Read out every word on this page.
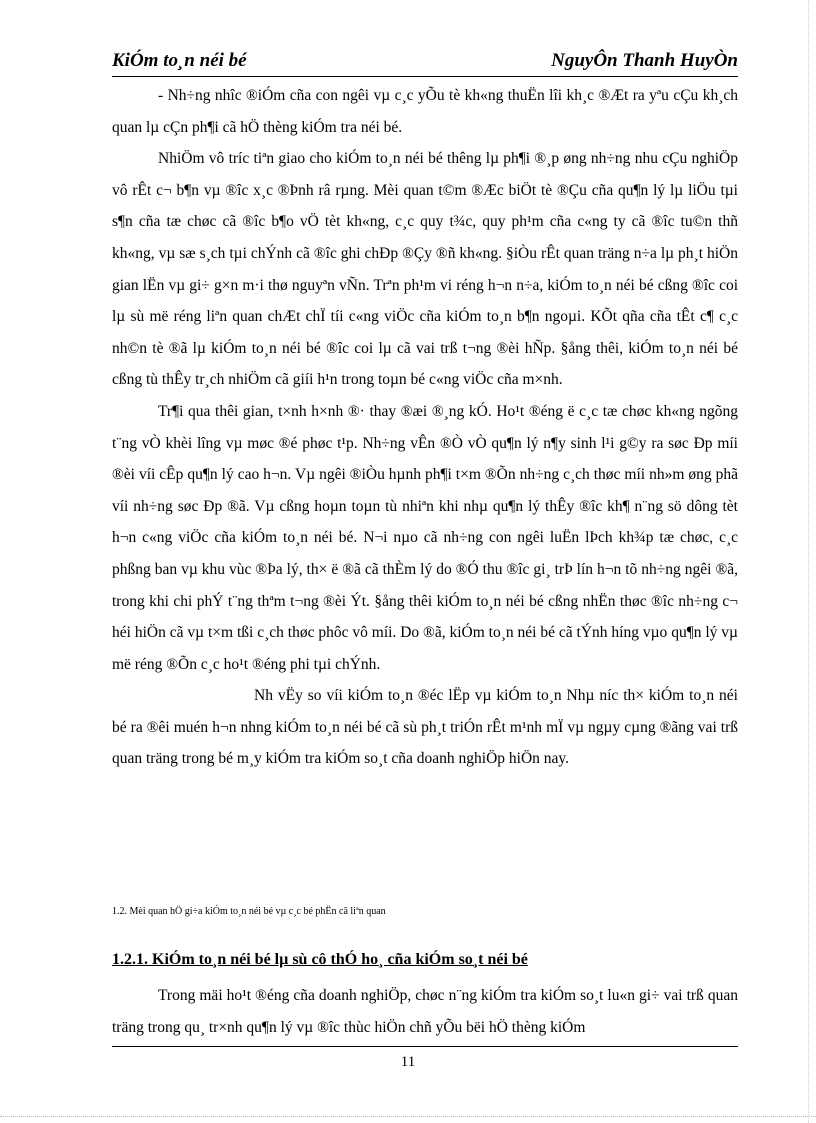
KiÓm to¸n néi bé	NguyÔn Thanh HuyÒn

- Nh÷ng nhîc ®iÓm cña con ngêi vµ c¸c yÕu tè kh«ng thuËn lîi kh¸c ®Æt ra yªu cÇu kh¸ch quan lµ cÇn ph¶i cã hÖ thèng kiÓm tra néi bé.

NhiÖm vô tríc tiªn giao cho kiÓm to¸n néi bé thêng lµ ph¶i ®¸p øng nh÷ng nhu cÇu nghiÖp vô rÊt c¬ b¶n vµ ®îc x¸c ®Þnh râ rµng. Mèi quan t©m ®Æc biÖt tè ®Çu cña qu¶n lý lµ liÖu tµi s¶n cña tæ chøc cã ®îc b¶o vÖ tèt kh«ng, c¸c quy t¾c, quy ph¹m cña c«ng ty cã ®îc tu©n thñ kh«ng, vµ sæ s¸ch tµi chÝnh cã ®îc ghi chÐp ®Çy ®ñ kh«ng. §iÒu rÊt quan träng n÷a lµ ph¸t hiÖn gian lËn vµ gi÷ g×n m·i thø nguyªn vÑn. Trªn ph¹m vi réng h¬n n÷a, kiÓm to¸n néi bé cßng ®îc coi lµ sù më réng liªn quan chÆt chÏ tíi c«ng viÖc cña kiÓm to¸n b¶n ngoµi. KÕt qña cña tÊt c¶ c¸c nh©n tè ®ã lµ kiÓm to¸n néi bé ®îc coi lµ cã vai trß t¬ng ®èi hÑp. §ång thêi, kiÓm to¸n néi bé cßng tù thÊy tr¸ch nhiÖm cã giíi h¹n trong toµn bé c«ng viÖc cña m×nh.

Tr¶i qua thêi gian, t×nh h×nh ®· thay ®æi ®¸ng kÓ. Ho¹t ®éng ë c¸c tæ chøc kh«ng ngõng t¨ng vÒ khèi lîng vµ møc ®é phøc t¹p. Nh÷ng vÊn ®Ò vÒ qu¶n lý n¶y sinh l¹i g©y ra søc Ðp míi ®èi víi cÊp qu¶n lý cao h¬n. Vµ ngêi ®iÒu hµnh ph¶i t×m ®Õn nh÷ng c¸ch thøc míi nh»m øng phã víi nh÷ng søc Ðp ®ã. Vµ cßng hoµn toµn tù nhiªn khi nhµ qu¶n lý thÊy ®îc kh¶ n¨ng sö dông tèt h¬n c«ng viÖc cña kiÓm to¸n néi bé. N¬i nµo cã nh÷ng con ngêi luËn lÞch kh¾p tæ chøc, c¸c phßng ban vµ khu vùc ®Þa lý, th× ë ®ã cã thÈm lý do ®Ó thu ®îc gi¸ trÞ lín h¬n tõ nh÷ng ngêi ®ã, trong khi chi phÝ t¨ng thªm t¬ng ®èi Ýt. §ång thêi kiÓm to¸n néi bé cßng nhËn thøc ®îc nh÷ng c¬ héi hiÖn cã vµ t×m tßi c¸ch thøc phôc vô míi. Do ®ã, kiÓm to¸n néi bé cã tÝnh híng vµo qu¶n lý vµ më réng ®Õn c¸c ho¹t ®éng phi tµi chÝnh.

Nh vËy so víi kiÓm to¸n ®éc lËp vµ kiÓm to¸n Nhµ níc th× kiÓm to¸n néi bé ra ®êi muén h¬n nhng kiÓm to¸n néi bé cã sù ph¸t triÓn rÊt m¹nh mÏ vµ ngµy cµng ®ãng vai trß quan träng trong bé m¸y kiÓm tra kiÓm so¸t cña doanh nghiÖp hiÖn nay.

1.2. Mèi quan hÖ gi÷a kiÓm to¸n néi bé vµ c¸c bé phËn cã liªn quan
1.2.1. KiÓm to¸n néi bé lµ sù cô thÓ ho¸ cña kiÓm so¸t néi bé
Trong mäi ho¹t ®éng cña doanh nghiÖp, chøc n¨ng kiÓm tra kiÓm so¸t lu«n gi÷ vai trß quan träng trong qu¸ tr×nh qu¶n lý vµ ®îc thùc hiÖn chñ yÕu bëi hÖ thèng kiÓm
11
